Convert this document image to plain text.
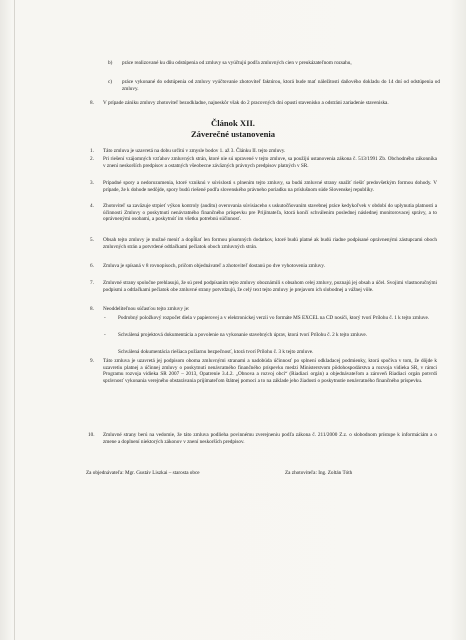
b) práce realizované ku dňu odstúpenia od zmluvy sa vyúčtujú podľa zmluvných cien v preukázateľnom rozsahu,
c) práce vykonané do odstúpenia od zmluvy vyúčtovanie zhotoviteľ faktúrou, ktorá bude mať náležitosti daňového dokladu do 14 dní od odstúpenia od zmluvy.
8. V prípade zániku zmluvy zhotoviteľ bezodkladne, najneskôr však do 2 pracovných dní opustí stavenisko a odstráni zariadenie staveniska.
Článok XII.
Záverečné ustanovenia
1. Táto zmluva je uzavretá na dobu určitú v zmysle bodov 1. až 3. Článku II. tejto zmluvy.
2. Pri riešení vzájomných vzťahov zmluvných strán, ktoré nie sú upravené v tejto zmluve, sa použijú ustanovenia zákona č. 513/1991 Zb. Obchodného zákonníka v znení neskorších predpisov a ostatných všeobecne záväzných právnych predpisov platných v SR.
3. Prípadné spory a nedorozumenia, ktoré vzniknú v súvislosti s plnením tejto zmluvy, sa budú zmluvné strany snažiť riešiť predovšetkým formou dohody. V prípade, že k dohode nedôjde, spory budú riešené podľa slovenského právneho poriadku na príslušnom súde Slovenskej republiky.
4. Zhotoviteľ sa zaväzuje strpieť výkon kontroly (auditu) overovania súvisiaceho s uskutočňovaním stavebnej práce kedykoľvek v období do uplynutia platnosti a účinnosti Zmluvy o poskytnutí nenávratného finančného príspevku pre Prijímateľa, ktorá končí schválením poslednej následnej monitorovacej správy, a to oprávnenými osobami, a poskytnúť im všetku potrebnú súčinnosť.
5. Obsah tejto zmluvy je možné meniť a dopĺňať len formou písomných dodatkov, ktoré budú platné ak budú riadne podpísané oprávnenými zástupcami oboch zmluvných strán a potvrdené odtlačkami pečiatok oboch zmluvných strán.
6. Zmluva je spísaná v 8 rovnopisoch, pričom objednávateľ a zhotoviteľ dostanú po dve vyhotovenia zmluvy.
7. Zmluvné strany spoločne prehlasujú, že sú pred podpísaním tejto zmluvy oboznámili s obsahom celej zmluvy, poznajú jej obsah a účel. Svojimi vlastnoručnými podpismi a odtlačkami pečiatok obe zmluvné strany potvrdzujú, že celý text tejto zmluvy je prejavom ich slobodnej a vážnej vôle.
8. Neoddeliteľnou súčasťou tejto zmluvy je:
- Podrobný položkový rozpočet diela v papierovej a v elektronickej verzii vo formáte MS EXCEL na CD nosiči, ktorý tvorí Prílohu č. 1 k tejto zmluve.
- Schválená projektová dokumentácia a povolenie na vykonanie stavebných úprav, ktorá tvorí Prílohu č. 2 k tejto zmluve.
Schválená dokumentácia riešiaca požiarnu bezpečnosť, ktorá tvorí Prílohu č. 3 k tejto zmluve.
9. Táto zmluva je uzavretá jej podpisom oboma zmluvnými stranami a nadobúda účinnosť po splnení odkladacej podmienky, ktorá spočíva v tom, že dôjde k uzavretiu platnej a účinnej zmluvy o poskytnutí nenávratného finančného príspevku medzi Ministerstvom pôdohospodárstva a rozvoja vidieka SR, v rámci Programu rozvoja vidieka SR 2007 – 2013, Opatrenie 3.4.2. „Obnova a rozvoj obcí“ (Riadiaci orgán) a objednávateľom a zároveň Riadiaci orgán potvrdí správnosť vykonania verejného obstarávania prijímateľom štátnej pomoci a to na základe jeho žiadosti o poskytnutie nenávratného finančného príspevku.
10. Zmluvné strany berú na vedomie, že táto zmluva podlieha povinnému zverejneniu podľa zákona č. 211/2000 Z.z. o slobodnom prístupe k informáciám a o zmene a doplnení niektorých zákonov v znení neskorších predpisov.
Za objednávateľa: Mgr. Gustáv Liszkai – starosta obce	Za zhotoviteľa: Ing. Zoltán Tóth
